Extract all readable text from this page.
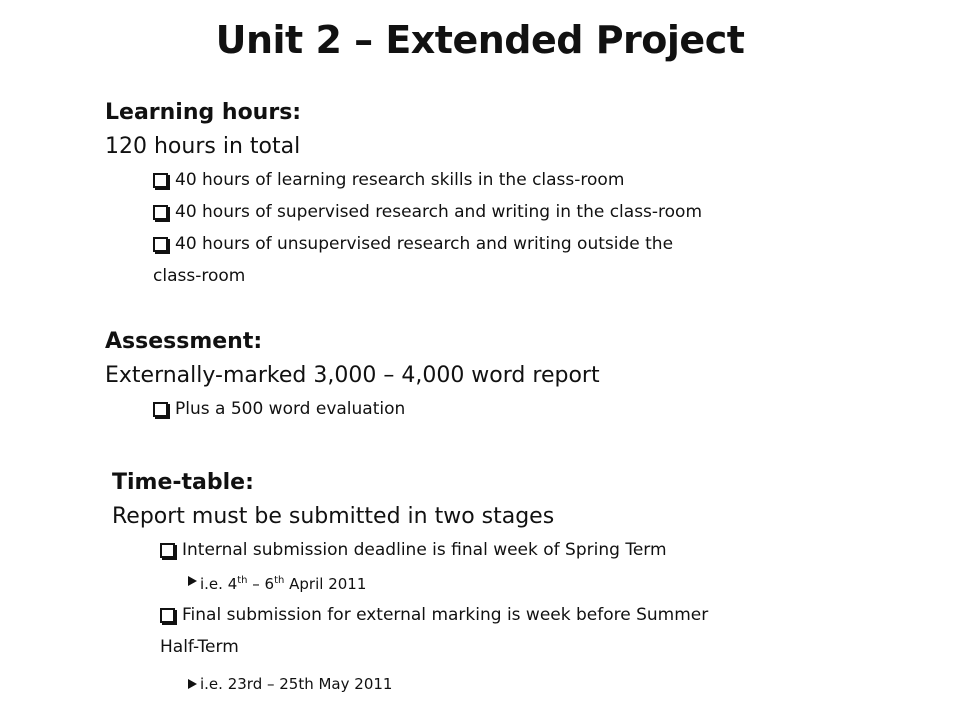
Unit 2 – Extended Project
Learning hours:
120 hours in total
40 hours of learning research skills in the class-room
40 hours of supervised research and writing in the class-room
40 hours of unsupervised research and writing outside the
class-room
Assessment:
Externally-marked 3,000 – 4,000 word report
Plus a 500 word evaluation
Time-table:
Report must be submitted in two stages
Internal submission deadline is final week of Spring Term
i.e. 4th – 6th April 2011
Final submission for external marking is week before Summer
Half-Term
i.e. 23rd – 25th May 2011
